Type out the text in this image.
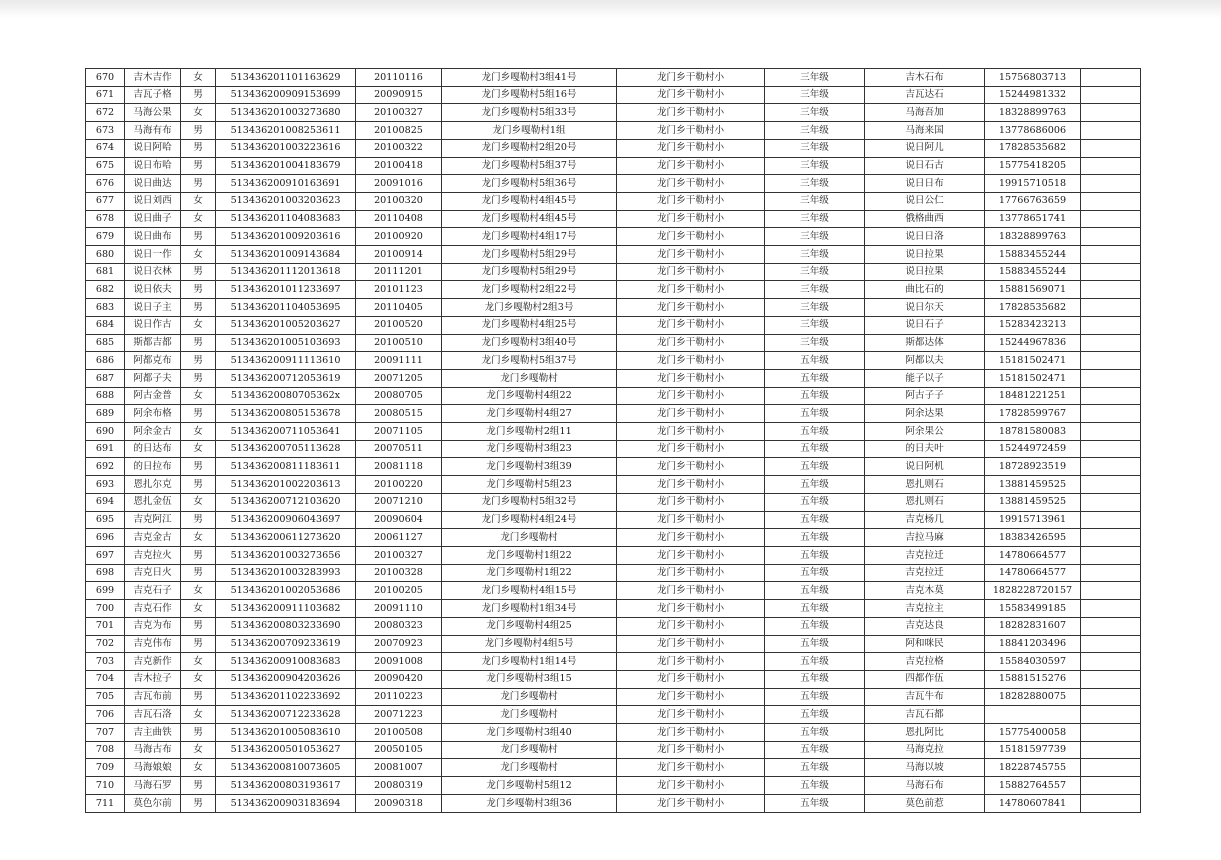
670	吉木吉作	女	513436201101163629	20110116	龙门乡嘎勒村3组41号	龙门乡干勒村小	三年级	吉木石布	15756803713	
671	吉瓦子格	男	513436200909153699	20090915	龙门乡嘎勒村5组16号	龙门乡干勒村小	三年级	吉瓦达石	15244981332	
672	马海公果	女	513436201003273680	20100327	龙门乡嘎勒村5组33号	龙门乡干勒村小	三年级	马海吾加	18328899763	
673	马海有布	男	513436201008253611	20100825	龙门乡嘎勒村1组	龙门乡干勒村小	三年级	马海来国	13778686006	
674	说日阿哈	男	513436201003223616	20100322	龙门乡嘎勒村2组20号	龙门乡干勒村小	三年级	说日阿儿	17828535682	
675	说日布哈	男	513436201004183679	20100418	龙门乡嘎勒村5组37号	龙门乡干勒村小	三年级	说日石古	15775418205	
676	说日曲达	男	513436200910163691	20091016	龙门乡嘎勒村5组36号	龙门乡干勒村小	三年级	说日日布	19915710518	
677	说日刘西	女	513436201003203623	20100320	龙门乡嘎勒村4组45号	龙门乡干勒村小	三年级	说日公仁	17766763659	
678	说日曲子	女	513436201104083683	20110408	龙门乡嘎勒村4组45号	龙门乡干勒村小	三年级	俄格曲西	13778651741	
679	说日曲布	男	513436201009203616	20100920	龙门乡嘎勒村4组17号	龙门乡干勒村小	三年级	说日日洛	18328899763	
680	说日一作	女	513436201009143684	20100914	龙门乡嘎勒村5组29号	龙门乡干勒村小	三年级	说日拉果	15883455244	
681	说日衣林	男	513436201112013618	20111201	龙门乡嘎勒村5组29号	龙门乡干勒村小	三年级	说日拉果	15883455244	
682	说日依夫	男	513436201011233697	20101123	龙门乡嘎勒村2组22号	龙门乡干勒村小	三年级	曲比石的	15881569071	
683	说日子主	男	513436201104053695	20110405	龙门乡嘎勒村2组3号	龙门乡干勒村小	三年级	说日尔天	17828535682	
684	说日作古	女	513436201005203627	20100520	龙门乡嘎勒村4组25号	龙门乡干勒村小	三年级	说日石子	15283423213	
685	斯都吉都	男	513436201005103693	20100510	龙门乡嘎勒村3组40号	龙门乡干勒村小	三年级	斯都达体	15244967836	
686	阿都克布	男	513436200911113610	20091111	龙门乡嘎勒村5组37号	龙门乡干勒村小	五年级	阿都以夫	15181502471	
687	阿都子夫	男	513436200712053619	20071205	龙门乡嘎勒村	龙门乡干勒村小	五年级	能子以子	15181502471	
688	阿古金普	女	51343620080705362x	20080705	龙门乡嘎勒村4组22	龙门乡干勒村小	五年级	阿古子子	18481221251	
689	阿余布格	男	513436200805153678	20080515	龙门乡嘎勒村4组27	龙门乡干勒村小	五年级	阿余达果	17828599767	
690	阿余金古	女	513436200711053641	20071105	龙门乡嘎勒村2组11	龙门乡干勒村小	五年级	阿余果公	18781580083	
691	的日达布	女	513436200705113628	20070511	龙门乡嘎勒村3组23	龙门乡干勒村小	五年级	的日夫叶	15244972459	
692	的日拉布	男	513436200811183611	20081118	龙门乡嘎勒村3组39	龙门乡干勒村小	五年级	说日阿机	18728923519	
693	恩扎尔克	男	513436201002203613	20100220	龙门乡嘎勒村5组23	龙门乡干勒村小	五年级	恩扎则石	13881459525	
694	恩扎金伍	女	513436200712103620	20071210	龙门乡嘎勒村5组32号	龙门乡干勒村小	五年级	恩扎则石	13881459525	
695	吉克阿江	男	513436200906043697	20090604	龙门乡嘎勒村4组24号	龙门乡干勒村小	五年级	吉克杨几	19915713961	
696	吉克金古	女	513436200611273620	20061127	龙门乡嘎勒村	龙门乡干勒村小	五年级	吉拉马麻	18383426595	
697	吉克拉火	男	513436201003273656	20100327	龙门乡嘎勒村1组22	龙门乡干勒村小	五年级	吉克拉迁	14780664577	
698	吉克日火	男	513436201003283993	20100328	龙门乡嘎勒村1组22	龙门乡干勒村小	五年级	吉克拉迁	14780664577	
699	吉克石子	女	513436201002053686	20100205	龙门乡嘎勒村4组15号	龙门乡干勒村小	五年级	吉克木莫	1828228720157	
700	吉克石作	女	513436200911103682	20091110	龙门乡嘎勒村1组34号	龙门乡干勒村小	五年级	吉克拉主	15583499185	
701	吉克为布	男	513436200803233690	20080323	龙门乡嘎勒村4组25	龙门乡干勒村小	五年级	吉克达良	18282831607	
702	吉克伟布	男	513436200709233619	20070923	龙门乡嘎勒村4组5号	龙门乡干勒村小	五年级	阿和咪民	18841203496	
703	吉克新作	女	513436200910083683	20091008	龙门乡嘎勒村1组14号	龙门乡干勒村小	五年级	吉克拉格	15584030597	
704	吉木拉子	女	513436200904203626	20090420	龙门乡嘎勒村3组15	龙门乡干勒村小	五年级	四都作伍	15881515276	
705	吉瓦布前	男	513436201102233692	20110223	龙门乡嘎勒村	龙门乡干勒村小	五年级	吉瓦牛布	18282880075	
706	吉瓦石洛	女	513436200712233628	20071223	龙门乡嘎勒村	龙门乡干勒村小	五年级	吉瓦石都		
707	吉主曲铁	男	513436201005083610	20100508	龙门乡嘎勒村3组40	龙门乡干勒村小	五年级	恩扎阿比	15775400058	
708	马海古布	女	513436200501053627	20050105	龙门乡嘎勒村	龙门乡干勒村小	五年级	马海克拉	15181597739	
709	马海娘娘	女	513436200810073605	20081007	龙门乡嘎勒村	龙门乡干勒村小	五年级	马海以坡	18228745755	
710	马海石罗	男	513436200803193617	20080319	龙门乡嘎勒村5组12	龙门乡干勒村小	五年级	马海石布	15882764557	
711	莫色尔前	男	513436200903183694	20090318	龙门乡嘎勒村3组36	龙门乡干勒村小	五年级	莫色前惹	14780607841	
